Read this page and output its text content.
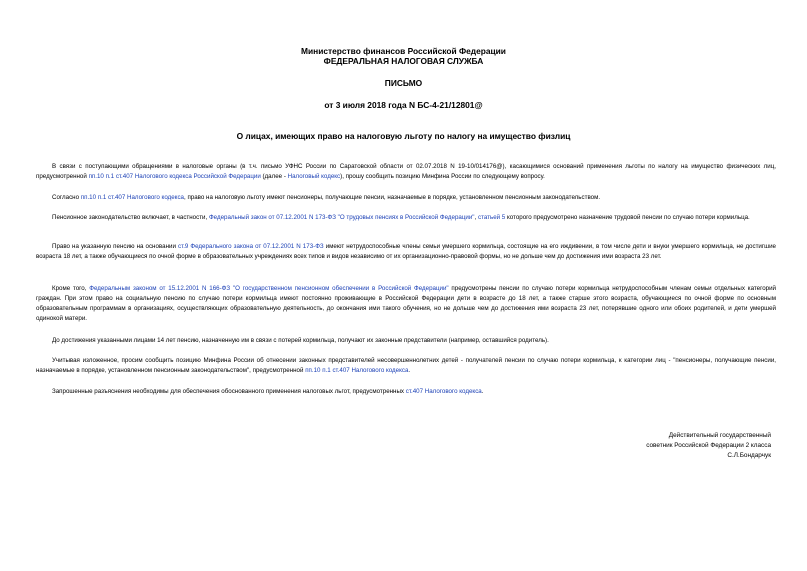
Министерство финансов Российской Федерации
ФЕДЕРАЛЬНАЯ НАЛОГОВАЯ СЛУЖБА
ПИСЬМО
от 3 июля 2018 года N БС-4-21/12801@
О лицах, имеющих право на налоговую льготу по налогу на имущество физлиц
В связи с поступающими обращениями в налоговые органы (в т.ч. письмо УФНС России по Саратовской области от 02.07.2018 N 19-10/014176@), касающимися оснований применения льготы по налогу на имущество физических лиц, предусмотренной пп.10 п.1 ст.407 Налогового кодекса Российской Федерации (далее - Налоговый кодекс), прошу сообщить позицию Минфина России по следующему вопросу.
Согласно пп.10 п.1 ст.407 Налогового кодекса, право на налоговую льготу имеют пенсионеры, получающие пенсии, назначаемые в порядке, установленном пенсионным законодательством.
Пенсионное законодательство включает, в частности, Федеральный закон от 07.12.2001 N 173-ФЗ "О трудовых пенсиях в Российской Федерации", статьей 5 которого предусмотрено назначение трудовой пенсии по случаю потери кормильца.
Право на указанную пенсию на основании ст.9 Федерального закона от 07.12.2001 N 173-ФЗ имеют нетрудоспособные члены семьи умершего кормильца, состоящие на его иждивении, в том числе дети и внуки умершего кормильца, не достигшие возраста 18 лет, а также обучающиеся по очной форме в образовательных учреждениях всех типов и видов независимо от их организационно-правовой формы, но не дольше чем до достижения ими возраста 23 лет.
Кроме того, Федеральным законом от 15.12.2001 N 166-ФЗ "О государственном пенсионном обеспечении в Российской Федерации" предусмотрены пенсии по случаю потери кормильца нетрудоспособным членам семьи отдельных категорий граждан. При этом право на социальную пенсию по случаю потери кормильца имеют постоянно проживающие в Российской Федерации дети в возрасте до 18 лет, а также старше этого возраста, обучающиеся по очной форме по основным образовательным программам в организациях, осуществляющих образовательную деятельность, до окончания ими такого обучения, но не дольше чем до достижения ими возраста 23 лет, потерявшие одного или обоих родителей, и дети умершей одинокой матери.
До достижения указанными лицами 14 лет пенсию, назначенную им в связи с потерей кормильца, получают их законные представители (например, оставшийся родитель).
Учитывая изложенное, просим сообщить позицию Минфина России об отнесении законных представителей несовершеннолетних детей - получателей пенсии по случаю потери кормильца, к категории лиц - "пенсионеры, получающие пенсии, назначаемые в порядке, установленном пенсионным законодательством", предусмотренной пп.10 п.1 ст.407 Налогового кодекса.
Запрошенные разъяснения необходимы для обеспечения обоснованного применения налоговых льгот, предусмотренных ст.407 Налогового кодекса.
Действительный государственный
советник Российской Федерации 2 класса
С.Л.Бондарчук
